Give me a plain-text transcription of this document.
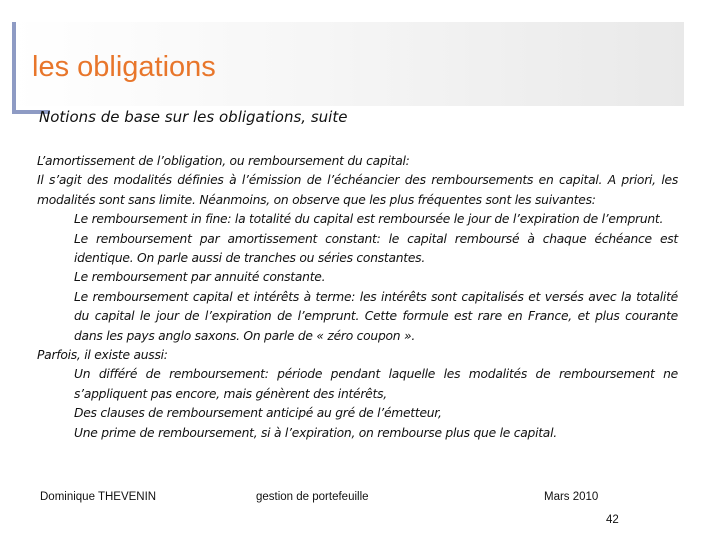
les obligations
Notions de base sur les obligations, suite

L’amortissement de l’obligation, ou remboursement du capital:

Il s’agit des modalités définies à l’émission de l’échéancier des remboursements en capital. A priori, les modalités sont sans limite. Néanmoins, on observe que les plus fréquentes sont les suivantes:

Le remboursement in fine: la totalité du capital est remboursée le jour de l’expiration de l’emprunt.

Le remboursement par amortissement constant: le capital remboursé à chaque échéance est identique. On parle aussi de tranches ou séries constantes.

Le remboursement par annuité constante.

Le remboursement capital et intérêts à terme: les intérêts sont capitalisés et versés avec la totalité du capital le jour de l’expiration de l’emprunt. Cette formule est rare en France, et plus courante dans les pays anglo saxons. On parle de « zéro coupon ».

Parfois, il existe aussi:

Un différé de remboursement: période pendant laquelle les modalités de remboursement ne s’appliquent pas encore, mais génèrent des intérêts,

Des clauses de remboursement anticipé au gré de l’émetteur,

Une prime de remboursement, si à l’expiration, on rembourse plus que le capital.

Dominique THEVENIN	gestion de portefeuille	Mars 2010
42
